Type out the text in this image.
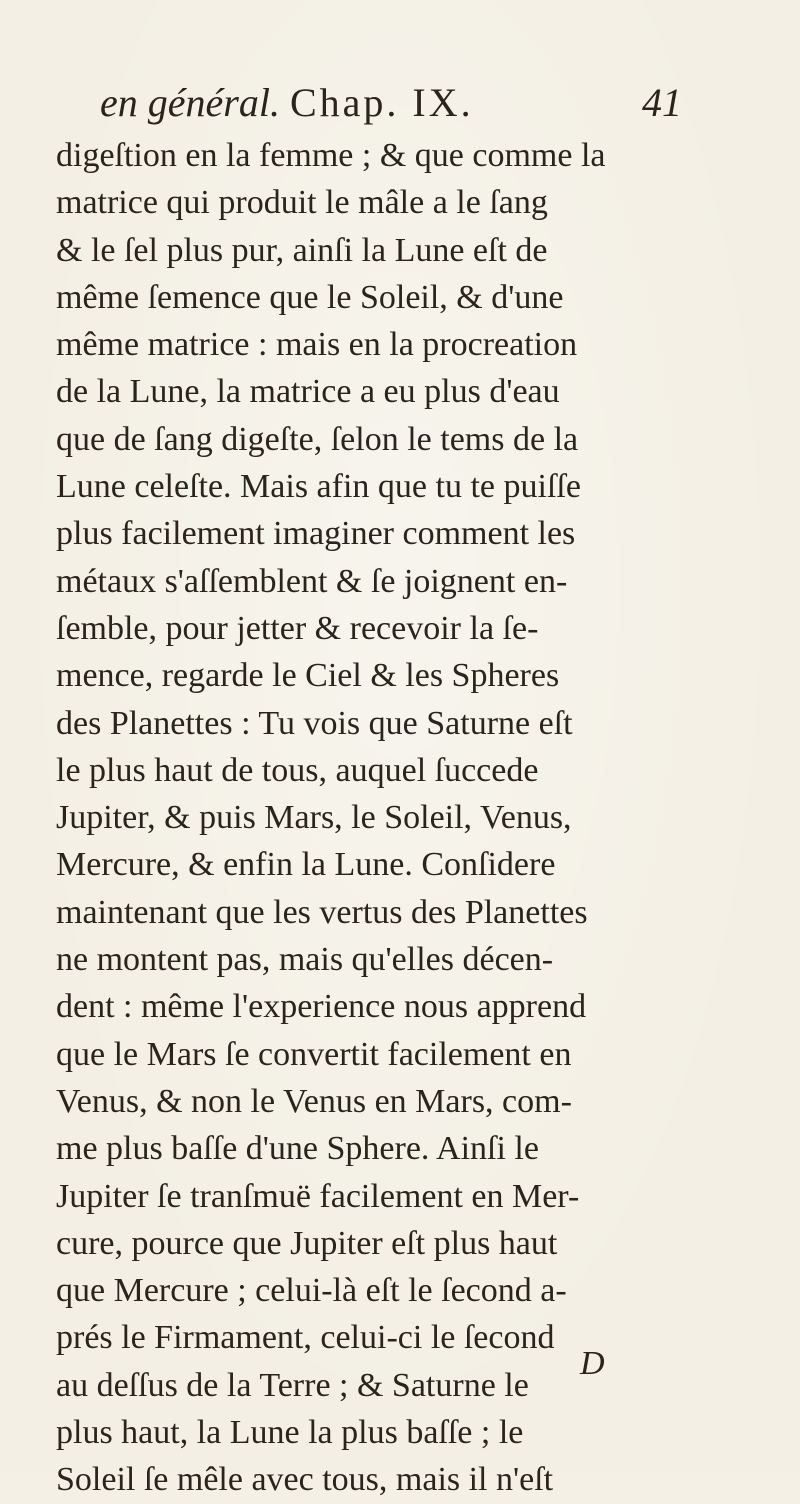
en général. Chap. IX.	41
digeſtion en la femme ; & que comme la
matrice qui produit le mâle a le ſang
& le ſel plus pur, ainſi la Lune eſt de
même ſemence que le Soleil, & d'une
même matrice : mais en la procreation
de la Lune, la matrice a eu plus d'eau
que de ſang digeſte, ſelon le tems de la
Lune celeſte. Mais afin que tu te puiſſe
plus facilement imaginer comment les
métaux s'aſſemblent & ſe joignent en-
ſemble, pour jetter & recevoir la ſe-
mence, regarde le Ciel & les Spheres
des Planettes : Tu vois que Saturne eſt
le plus haut de tous, auquel ſuccede
Jupiter, & puis Mars, le Soleil, Venus,
Mercure, & enfin la Lune. Conſidere
maintenant que les vertus des Planettes
ne montent pas, mais qu'elles décen-
dent : même l'experience nous apprend
que le Mars ſe convertit facilement en
Venus, & non le Venus en Mars, com-
me plus baſſe d'une Sphere. Ainſi le
Jupiter ſe tranſmuë facilement en Mer-
cure, pource que Jupiter eſt plus haut
que Mercure ; celui-là eſt le ſecond a-
prés le Firmament, celui-ci le ſecond
au deſſus de la Terre ; & Saturne le
plus haut, la Lune la plus baſſe ; le
Soleil ſe mêle avec tous, mais il n'eſt
D
